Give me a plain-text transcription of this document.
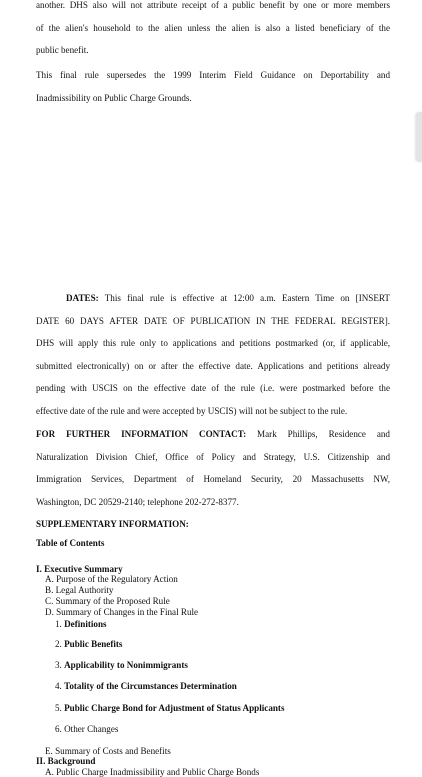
another. DHS also will not attribute receipt of a public benefit by one or more members
of the alien's household to the alien unless the alien is also a listed beneficiary of the
public benefit.

This final rule supersedes the 1999 Interim Field Guidance on Deportability and
Inadmissibility on Public Charge Grounds.

DATES: This final rule is effective at 12:00 a.m. Eastern Time on [INSERT
DATE 60 DAYS AFTER DATE OF PUBLICATION IN THE FEDERAL REGISTER].
DHS will apply this rule only to applications and petitions postmarked (or, if applicable,
submitted electronically) on or after the effective date. Applications and petitions already
pending with USCIS on the effective date of the rule (i.e. were postmarked before the
effective date of the rule and were accepted by USCIS) will not be subject to the rule.

FOR FURTHER INFORMATION CONTACT: Mark Phillips, Residence and
Naturalization Division Chief, Office of Policy and Strategy, U.S. Citizenship and
Immigration Services, Department of Homeland Security, 20 Massachusetts NW,
Washington, DC 20529-2140; telephone 202-272-8377.

SUPPLEMENTARY INFORMATION:

Table of Contents

I. Executive Summary
A. Purpose of the Regulatory Action
B. Legal Authority
C. Summary of the Proposed Rule
D. Summary of Changes in the Final Rule
1. Definitions
2. Public Benefits
3. Applicability to Nonimmigrants
4. Totality of the Circumstances Determination
5. Public Charge Bond for Adjustment of Status Applicants
6. Other Changes
E. Summary of Costs and Benefits
II. Background
A. Public Charge Inadmissibility and Public Charge Bonds
